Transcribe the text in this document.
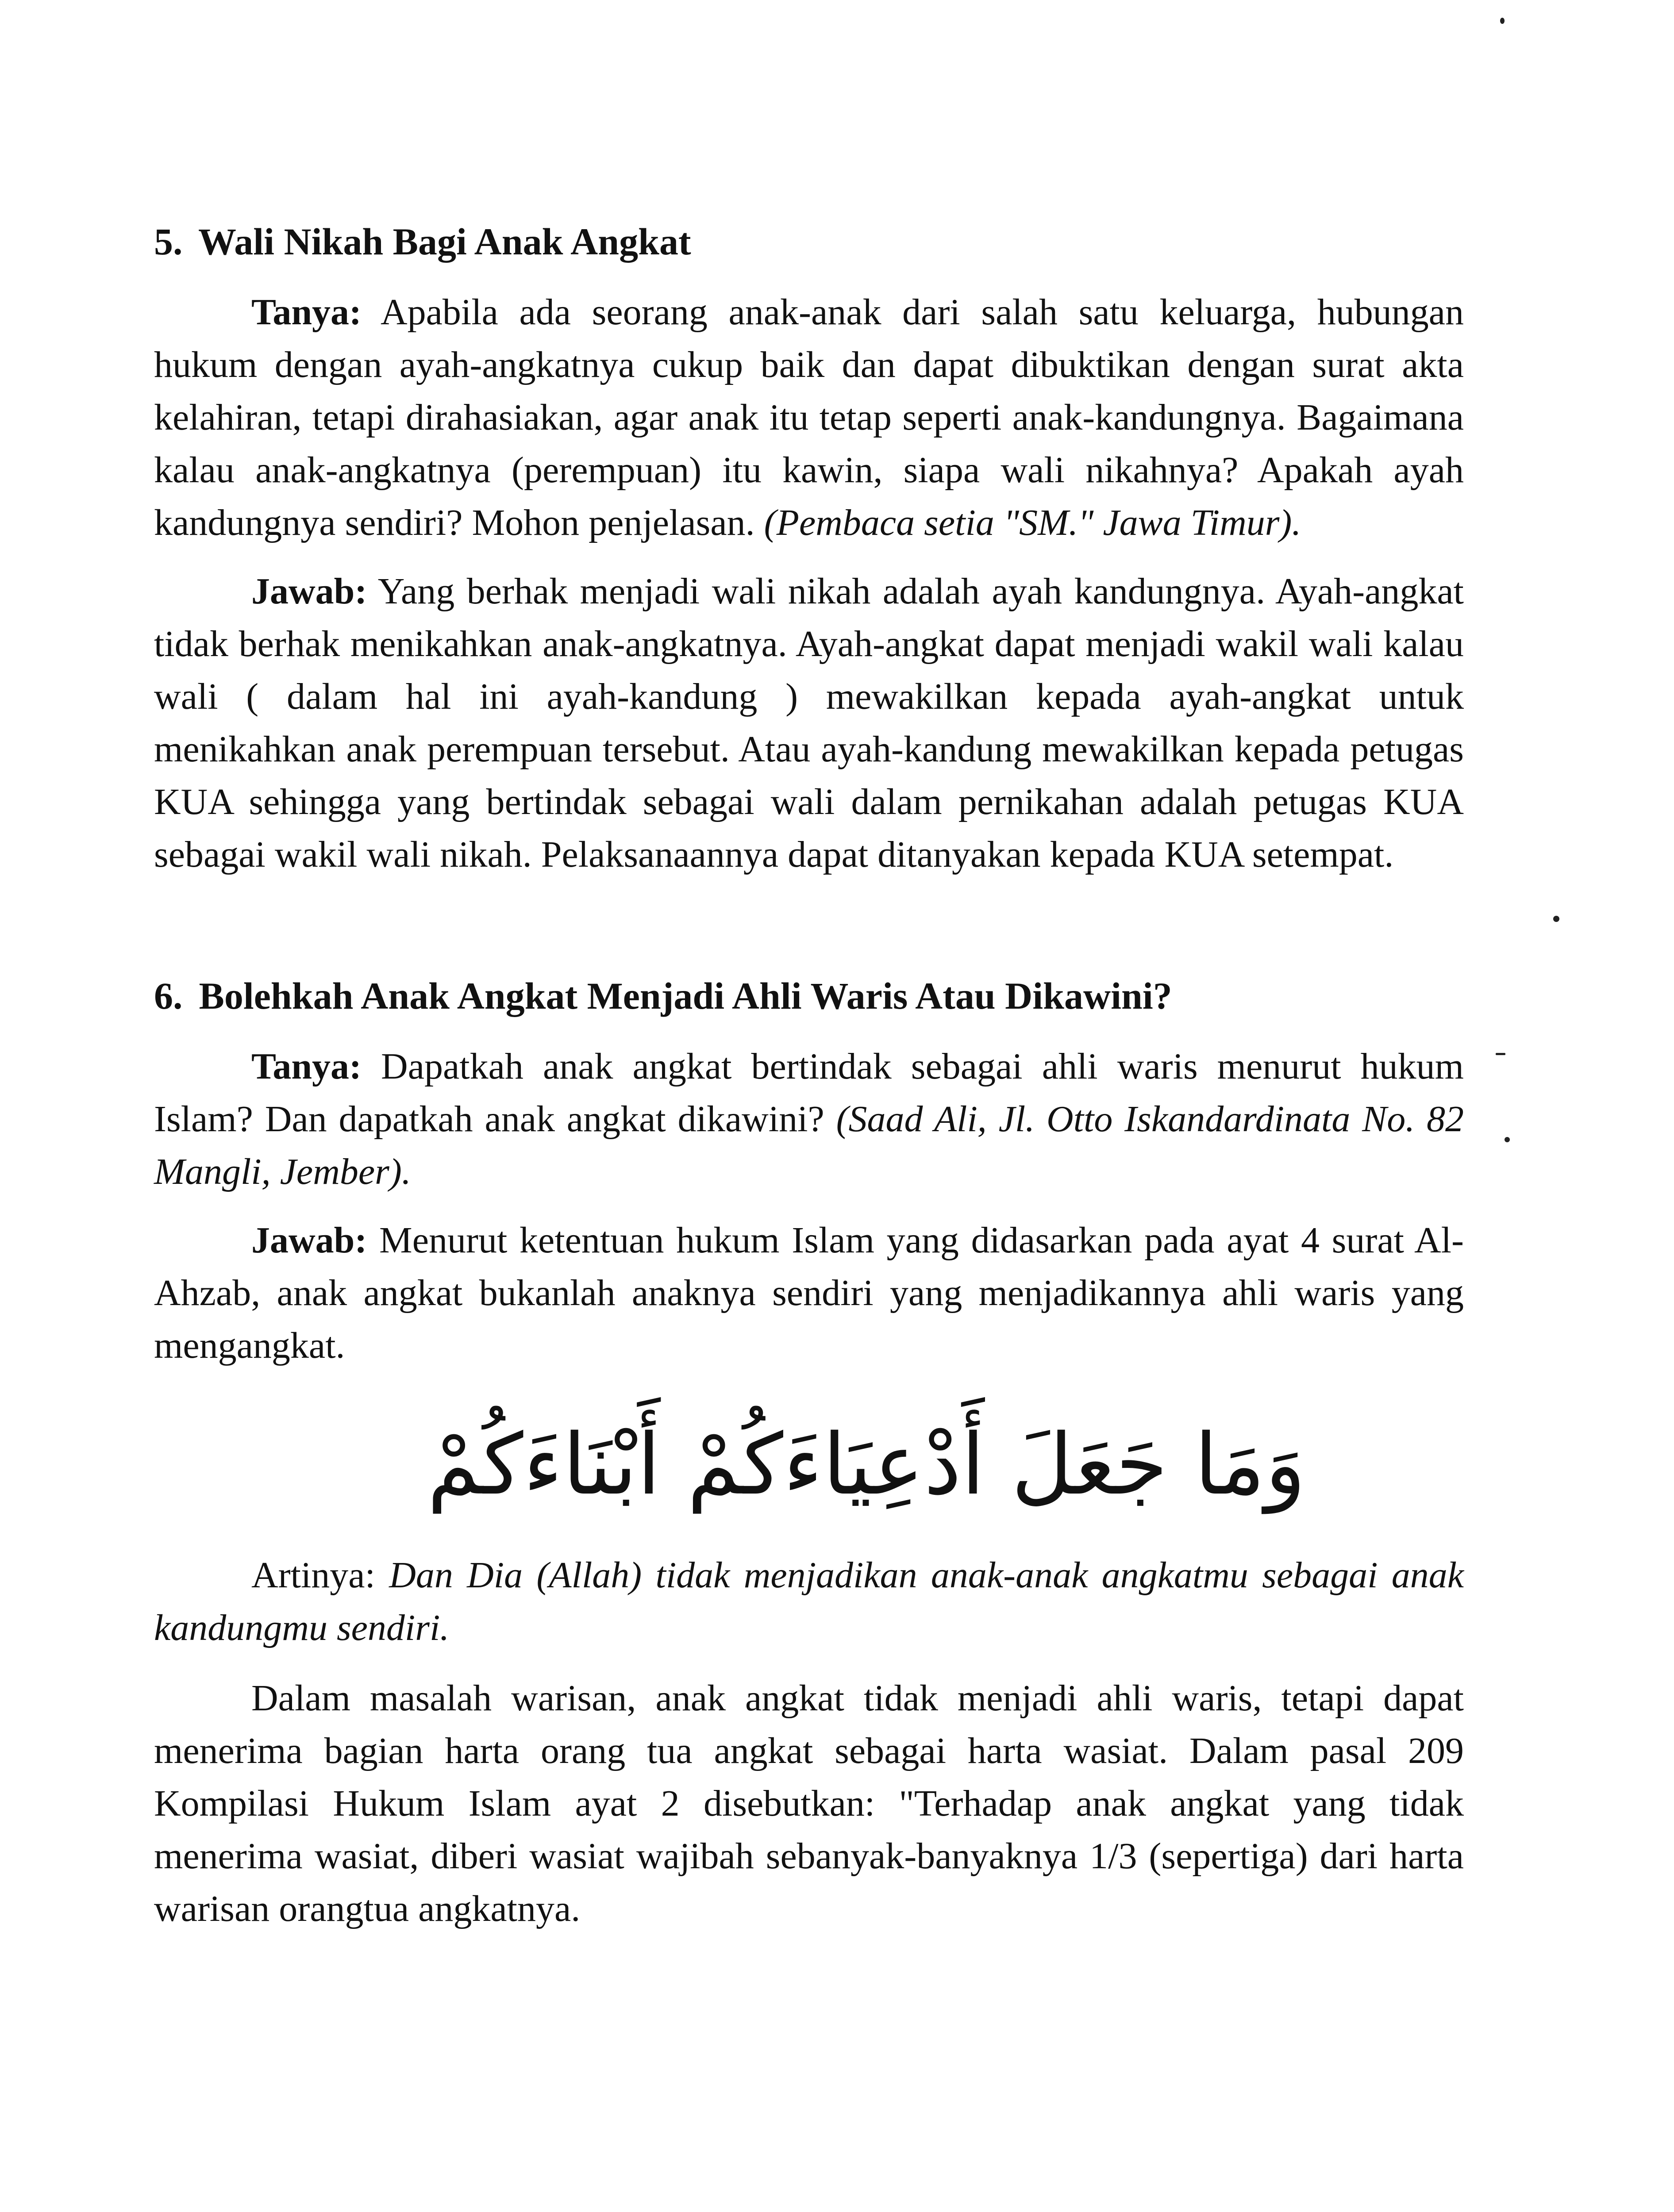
5. Wali Nikah Bagi Anak Angkat

Tanya: Apabila ada seorang anak-anak dari salah satu keluarga, hubungan hukum dengan ayah-angkatnya cukup baik dan dapat dibuktikan dengan surat akta kelahiran, tetapi dirahasiakan, agar anak itu tetap seperti anak-kandungnya. Bagaimana kalau anak-angkatnya (perempuan) itu kawin, siapa wali nikahnya? Apakah ayah kandungnya sendiri? Mohon penjelasan. (Pembaca setia "SM." Jawa Timur).

Jawab: Yang berhak menjadi wali nikah adalah ayah kandungnya. Ayah-angkat tidak berhak menikahkan anak-angkatnya. Ayah-angkat dapat menjadi wakil wali kalau wali ( dalam hal ini ayah-kandung ) mewakilkan kepada ayah-angkat untuk menikahkan anak perempuan tersebut. Atau ayah-kandung mewakilkan kepada petugas KUA sehingga yang bertindak sebagai wali dalam pernikahan adalah petugas KUA sebagai wakil wali nikah. Pelaksanaannya dapat ditanyakan kepada KUA setempat.

6. Bolehkah Anak Angkat Menjadi Ahli Waris Atau Dikawini?

Tanya: Dapatkah anak angkat bertindak sebagai ahli waris menurut hukum Islam? Dan dapatkah anak angkat dikawini? (Saad Ali, Jl. Otto Iskandardinata No. 82 Mangli, Jember).

Jawab: Menurut ketentuan hukum Islam yang didasarkan pada ayat 4 surat Al-Ahzab, anak angkat bukanlah anaknya sendiri yang menjadikannya ahli waris yang mengangkat.

وَمَا جَعَلَ أَدْعِيَاءَكُمْ أَبْنَاءَكُمْ

Artinya: Dan Dia (Allah) tidak menjadikan anak-anak angkatmu sebagai anak kandungmu sendiri.

Dalam masalah warisan, anak angkat tidak menjadi ahli waris, tetapi dapat menerima bagian harta orang tua angkat sebagai harta wasiat. Dalam pasal 209 Kompilasi Hukum Islam ayat 2 disebutkan: "Terhadap anak angkat yang tidak menerima wasiat, diberi wasiat wajibah sebanyak-banyaknya 1/3 (sepertiga) dari harta warisan orangtua angkatnya.
